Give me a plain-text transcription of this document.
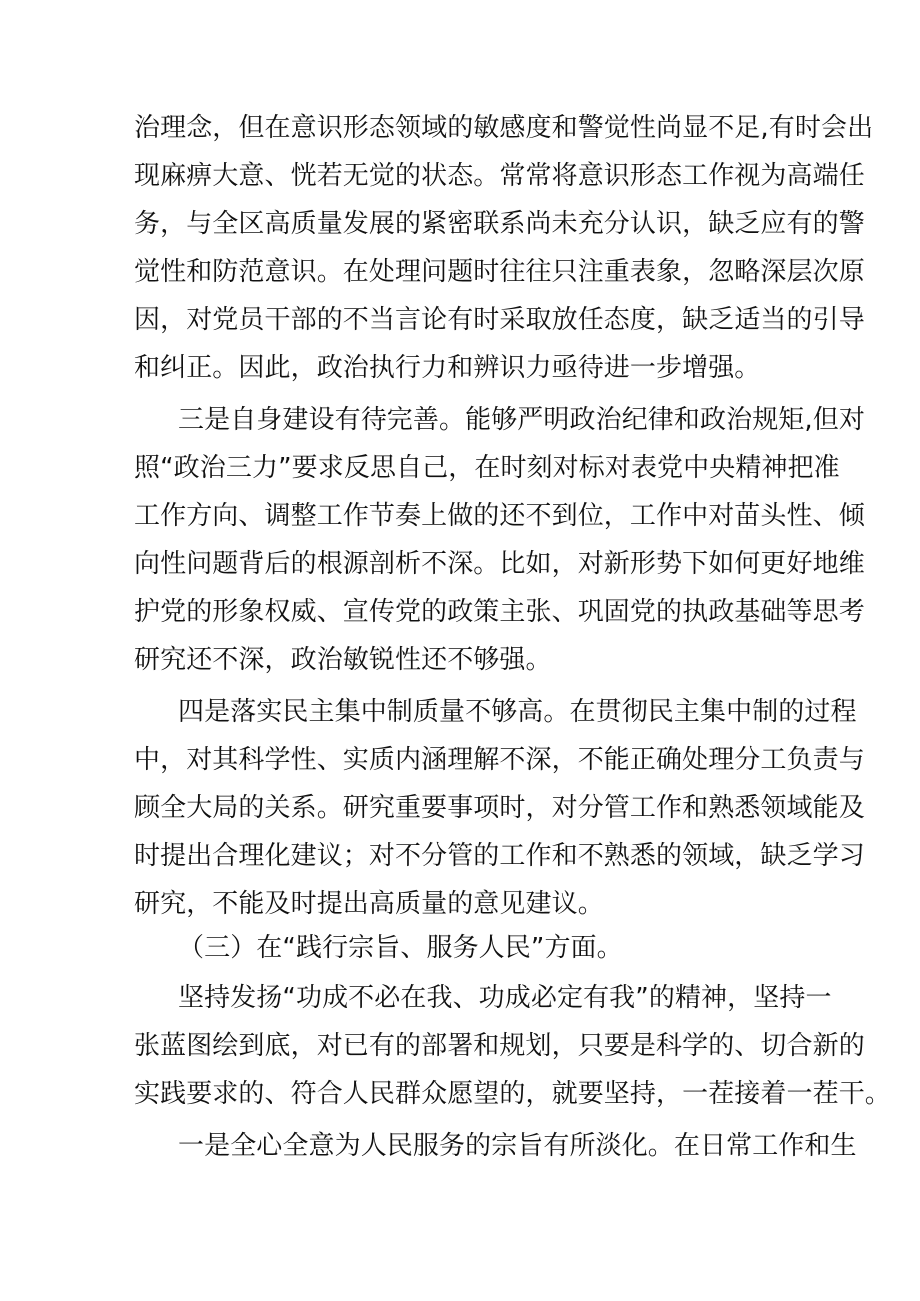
治理念，但在意识形态领域的敏感度和警觉性尚显不足,有时会出
现麻痹大意、恍若无觉的状态。常常将意识形态工作视为高端任
务，与全区高质量发展的紧密联系尚未充分认识，缺乏应有的警
觉性和防范意识。在处理问题时往往只注重表象，忽略深层次原
因，对党员干部的不当言论有时采取放任态度，缺乏适当的引导
和纠正。因此，政治执行力和辨识力亟待进一步增强。
三是自身建设有待完善。能够严明政治纪律和政治规矩,但对
照“政治三力”要求反思自己，在时刻对标对表党中央精神把准
工作方向、调整工作节奏上做的还不到位，工作中对苗头性、倾
向性问题背后的根源剖析不深。比如，对新形势下如何更好地维
护党的形象权威、宣传党的政策主张、巩固党的执政基础等思考
研究还不深，政治敏锐性还不够强。
四是落实民主集中制质量不够高。在贯彻民主集中制的过程
中，对其科学性、实质内涵理解不深，不能正确处理分工负责与
顾全大局的关系。研究重要事项时，对分管工作和熟悉领域能及
时提出合理化建议；对不分管的工作和不熟悉的领域，缺乏学习
研究，不能及时提出高质量的意见建议。
（三）在“践行宗旨、服务人民”方面。
坚持发扬“功成不必在我、功成必定有我”的精神，坚持一
张蓝图绘到底，对已有的部署和规划，只要是科学的、切合新的
实践要求的、符合人民群众愿望的，就要坚持，一茬接着一茬干。
一是全心全意为人民服务的宗旨有所淡化。在日常工作和生
